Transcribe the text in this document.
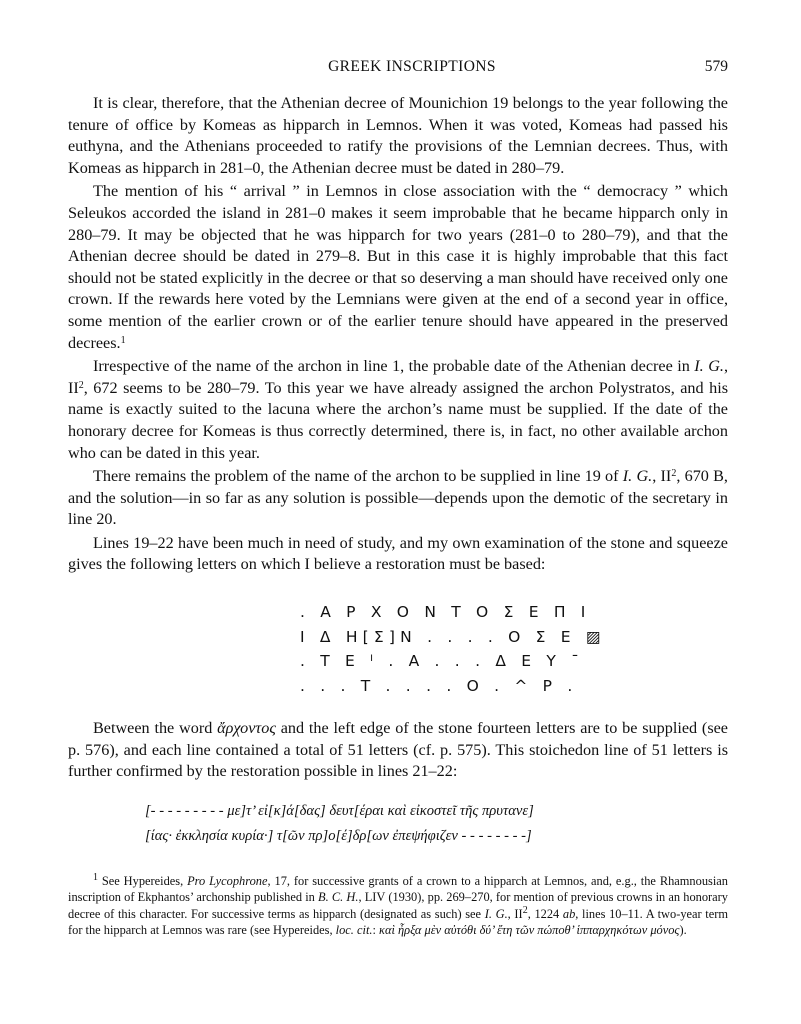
GREEK INSCRIPTIONS	579

It is clear, therefore, that the Athenian decree of Mounichion 19 belongs to the year following the tenure of office by Komeas as hipparch in Lemnos. When it was voted, Komeas had passed his euthyna, and the Athenians proceeded to ratify the provisions of the Lemnian decrees. Thus, with Komeas as hipparch in 281–0, the Athenian decree must be dated in 280–79.

The mention of his “ arrival ” in Lemnos in close association with the “ democracy ” which Seleukos accorded the island in 281–0 makes it seem improbable that he became hipparch only in 280–79. It may be objected that he was hipparch for two years (281–0 to 280–79), and that the Athenian decree should be dated in 279–8. But in this case it is highly improbable that this fact should not be stated explicitly in the decree or that so deserving a man should have received only one crown. If the rewards here voted by the Lemnians were given at the end of a second year in office, some mention of the earlier crown or of the earlier tenure should have appeared in the preserved decrees.$^1$

Irrespective of the name of the archon in line 1, the probable date of the Athenian decree in I. G., $II^2$, 672 seems to be 280–79. To this year we have already assigned the archon Polystratos, and his name is exactly suited to the lacuna where the archon’s name must be supplied. If the date of the honorary decree for Komeas is thus correctly determined, there is, in fact, no other available archon who can be dated in this year.

There remains the problem of the name of the archon to be supplied in line 19 of I. G., $II^2$, 670 B, and the solution—in so far as any solution is possible—depends upon the demotic of the secretary in line 20.

Lines 19–22 have been much in need of study, and my own examination of the stone and squeeze gives the following letters on which I believe a restoration must be based:

. Α Ρ Χ Ο Ν Τ Ο Σ Ε Π Ι
Ι Δ Η[Σ]Ν . . . . Ο Σ Ε ▨
. Τ Ε ᴵ . Α . . . Δ Ε Υ ˉ
. . . Τ . . . . Ο . ^ Ρ .

Between the word ἄρχοντος and the left edge of the stone fourteen letters are to be supplied (see p. 576), and each line contained a total of 51 letters (cf. p. 575). This stoichedon line of 51 letters is further confirmed by the restoration possible in lines 21–22:

[- - - - - - - - - με]τ’ εἰ[κ]ά[δας] δευτ[έραι καὶ εἰκοστεῖ τῆς πρυτανε]
[ίας· ἐκκλησία κυρία·] τ[ῶν πρ]ο[έ]δρ[ων ἐπεψήφιζεν - - - - - - - -]

$^1$ See Hypereides, Pro Lycophrone, 17, for successive grants of a crown to a hipparch at Lemnos, and, e.g., the Rhamnousian inscription of Ekphantos’ archonship published in B. C. H., LIV (1930), pp. 269–270, for mention of previous crowns in an honorary decree of this character. For successive terms as hipparch (designated as such) see I. G., $II^2$, 1224 ab, lines 10–11. A two-year term for the hipparch at Lemnos was rare (see Hypereides, loc. cit.: καὶ ἦρξα μὲν αὐτόθι δύ’ ἔτη τῶν πώποθ’ ἱππαρχηκότων μόνος).
